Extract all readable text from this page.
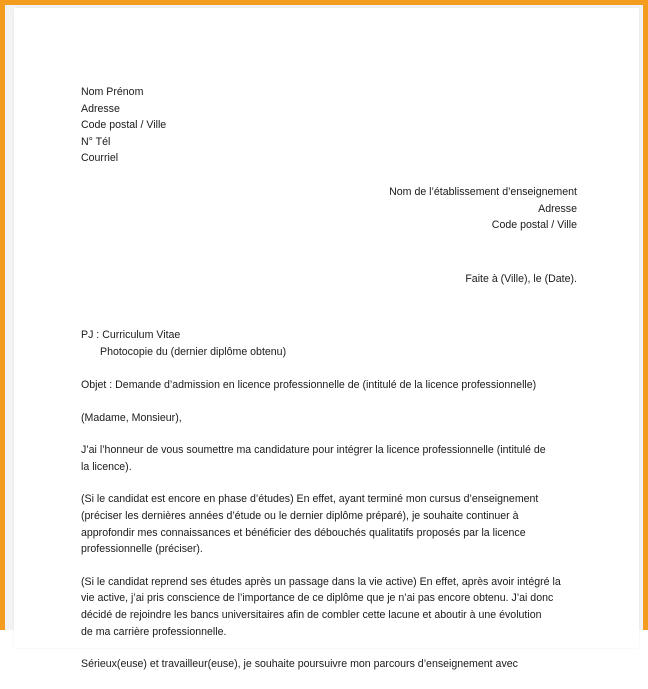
Nom Prénom
Adresse
Code postal / Ville
N° Tél
Courriel
Nom de l’établissement d’enseignement
Adresse
Code postal / Ville
Faite à (Ville), le (Date).
PJ : Curriculum Vitae
Photocopie du (dernier diplôme obtenu)
Objet : Demande d’admission en licence professionnelle de (intitulé de la licence professionnelle)
(Madame, Monsieur),
J’ai l’honneur de vous soumettre ma candidature pour intégrer la licence professionnelle (intitulé de
la licence).
(Si le candidat est encore en phase d’études) En effet, ayant terminé mon cursus d’enseignement
(préciser les dernières années d’étude ou le dernier diplôme préparé), je souhaite continuer à
approfondir mes connaissances et bénéficier des débouchés qualitatifs proposés par la licence
professionnelle (préciser).
(Si le candidat reprend ses études après un passage dans la vie active) En effet, après avoir intégré la
vie active, j’ai pris conscience de l’importance de ce diplôme que je n’ai pas encore obtenu. J’ai donc
décidé de rejoindre les bancs universitaires afin de combler cette lacune et aboutir à une évolution
de ma carrière professionnelle.
Sérieux(euse) et travailleur(euse), je souhaite poursuivre mon parcours d’enseignement avec
